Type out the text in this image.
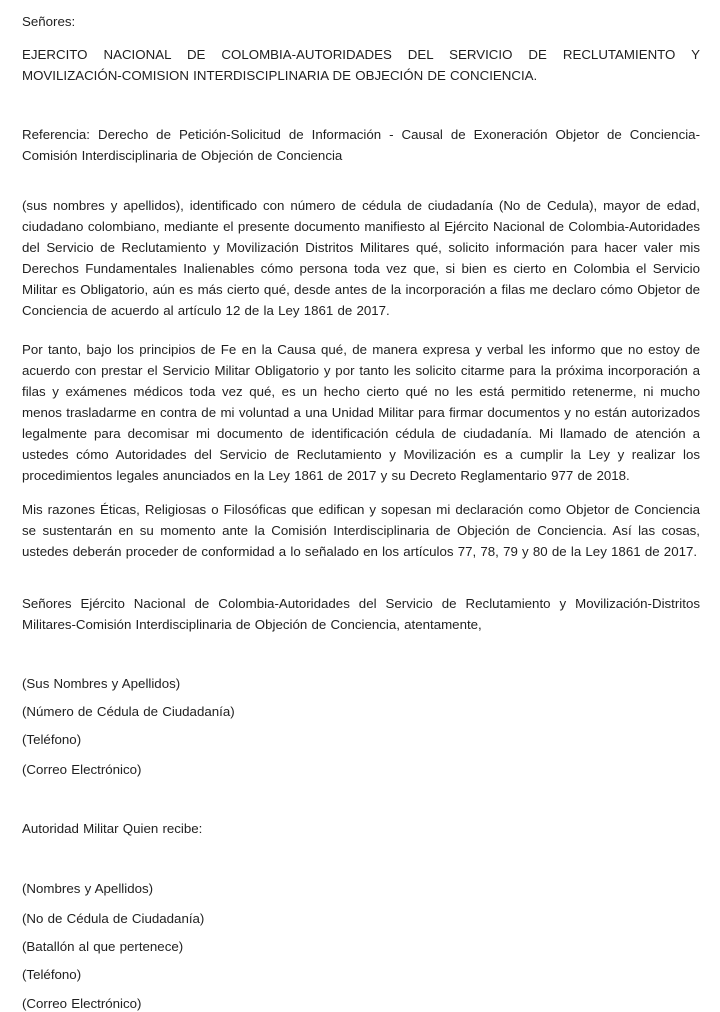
Señores:

EJERCITO NACIONAL DE COLOMBIA-AUTORIDADES DEL SERVICIO DE RECLUTAMIENTO Y MOVILIZACIÓN-COMISION INTERDISCIPLINARIA DE OBJECIÓN DE CONCIENCIA.

Referencia: Derecho de Petición-Solicitud de Información - Causal de Exoneración Objetor de Conciencia-Comisión Interdisciplinaria de Objeción de Conciencia

(sus nombres y apellidos), identificado con número de cédula de ciudadanía (No de Cedula), mayor de edad, ciudadano colombiano, mediante el presente documento manifiesto al Ejército Nacional de Colombia-Autoridades del Servicio de Reclutamiento y Movilización Distritos Militares qué, solicito información para hacer valer mis Derechos Fundamentales Inalienables cómo persona toda vez que, si bien es cierto en Colombia el Servicio Militar es Obligatorio, aún es más cierto qué, desde antes de la incorporación a filas me declaro cómo Objetor de Conciencia de acuerdo al artículo 12 de la Ley 1861 de 2017.

Por tanto, bajo los principios de Fe en la Causa qué, de manera expresa y verbal les informo que no estoy de acuerdo con prestar el Servicio Militar Obligatorio y por tanto les solicito citarme para la próxima incorporación a filas y exámenes médicos toda vez qué, es un hecho cierto qué no les está permitido retenerme, ni mucho menos trasladarme en contra de mi voluntad a una Unidad Militar para firmar documentos y no están autorizados legalmente para decomisar mi documento de identificación cédula de ciudadanía. Mi llamado de atención a ustedes cómo Autoridades del Servicio de Reclutamiento y Movilización es a cumplir la Ley y realizar los procedimientos legales anunciados en la Ley 1861 de 2017 y su Decreto Reglamentario 977 de 2018.

Mis razones Éticas, Religiosas o Filosóficas que edifican y sopesan mi declaración como Objetor de Conciencia se sustentarán en su momento ante la Comisión Interdisciplinaria de Objeción de Conciencia. Así las cosas, ustedes deberán proceder de conformidad a lo señalado en los artículos 77, 78, 79 y 80 de la Ley 1861 de 2017.

Señores Ejército Nacional de Colombia-Autoridades del Servicio de Reclutamiento y Movilización-Distritos Militares-Comisión Interdisciplinaria de Objeción de Conciencia, atentamente,

(Sus Nombres y Apellidos)

(Número de Cédula de Ciudadanía)

(Teléfono)

(Correo Electrónico)

Autoridad Militar Quien recibe:

(Nombres y Apellidos)

(No de Cédula de Ciudadanía)

(Batallón al que pertenece)

(Teléfono)

(Correo Electrónico)
